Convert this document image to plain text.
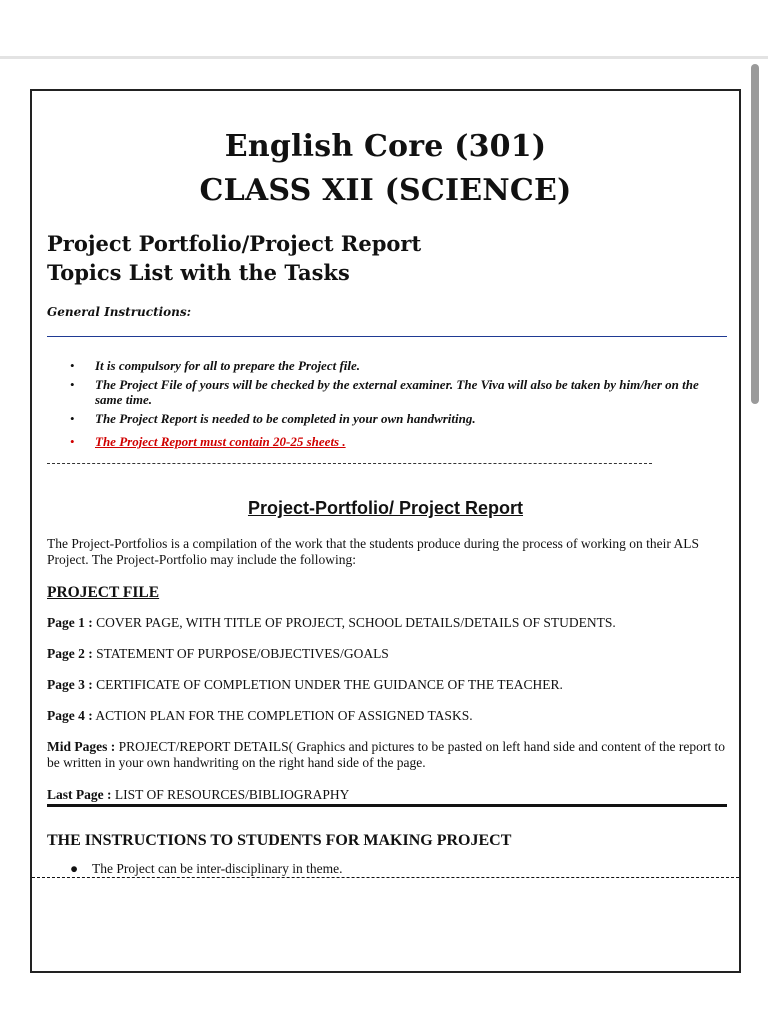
English Core (301)
CLASS XII (SCIENCE)
Project Portfolio/Project Report
Topics List with the Tasks
General Instructions:
• It is compulsory for all to prepare the Project file.
• The Project File of yours will be checked by the external examiner. The Viva will also be taken by him/her on the same time.
• The Project Report is needed to be completed in your own handwriting.
• The Project Report must contain 20-25 sheets .
Project-Portfolio/ Project Report
The Project-Portfolios is a compilation of the work that the students produce during the process of working on their ALS Project. The Project-Portfolio may include the following:
PROJECT FILE
Page 1 : COVER PAGE, WITH TITLE OF PROJECT, SCHOOL DETAILS/DETAILS OF STUDENTS.
Page 2 : STATEMENT OF PURPOSE/OBJECTIVES/GOALS
Page 3 : CERTIFICATE OF COMPLETION UNDER THE GUIDANCE OF THE TEACHER.
Page 4 : ACTION PLAN FOR THE COMPLETION OF ASSIGNED TASKS.
Mid Pages : PROJECT/REPORT DETAILS( Graphics and pictures to be pasted on left hand side and content of the report to be written in your own handwriting on the right hand side of the page.
Last Page : LIST OF RESOURCES/BIBLIOGRAPHY
THE INSTRUCTIONS TO STUDENTS FOR MAKING PROJECT
● The Project can be inter-disciplinary in theme.
